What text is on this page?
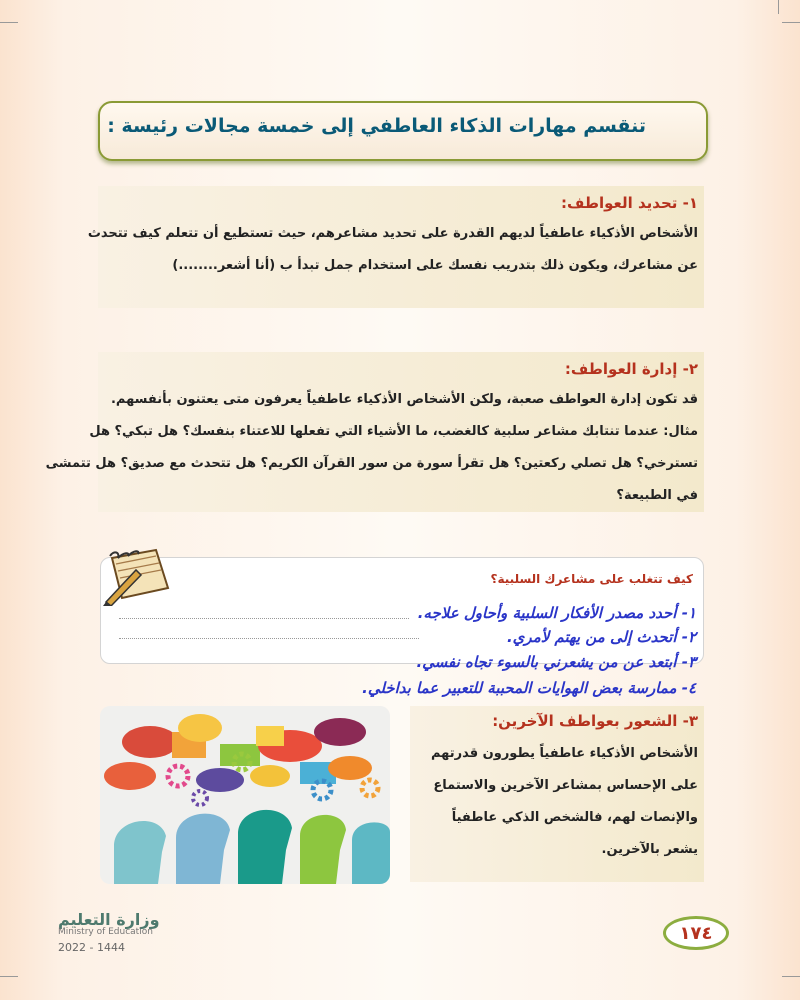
تنقسم مهارات الذكاء العاطفي إلى خمسة مجالات رئيسة :
١- تحديد العواطف:
الأشخاص الأذكياء عاطفياً لديهم القدرة على تحديد مشاعرهم، حيث تستطيع أن تتعلم كيف تتحدث
عن مشاعرك، ويكون ذلك بتدريب نفسك على استخدام جمل تبدأ ب (أنا أشعر........)
٢- إدارة العواطف:
قد تكون إدارة العواطف صعبة، ولكن الأشخاص الأذكياء عاطفياً يعرفون متى يعتنون بأنفسهم.
مثال: عندما تنتابك مشاعر سلبية كالغضب، ما الأشياء التي تفعلها للاعتناء بنفسك؟ هل تبكي؟ هل
تسترخي؟ هل تصلي ركعتين؟ هل تقرأ سورة من سور القرآن الكريم؟ هل تتحدث مع صديق؟ هل تتمشى
في الطبيعة؟
كيف تتغلب على مشاعرك السلبية؟
١- أحدد مصدر الأفكار السلبية وأحاول علاجه.
٢- أتحدث إلى من يهتم لأمري.
٣- أبتعد عن من يشعرني بالسوء تجاه نفسي.
٤- ممارسة بعض الهوايات المحببة للتعبير عما بداخلي.
٣- الشعور بعواطف الآخرين:
الأشخاص الأذكياء عاطفياً يطورون قدرتهم
على الإحساس بمشاعر الآخرين والاستماع
والإنصات لهم، فالشخص الذكي عاطفياً
يشعر بالآخرين.
وزارة التعليم
Ministry of Education
2022 - 1444
١٧٤
